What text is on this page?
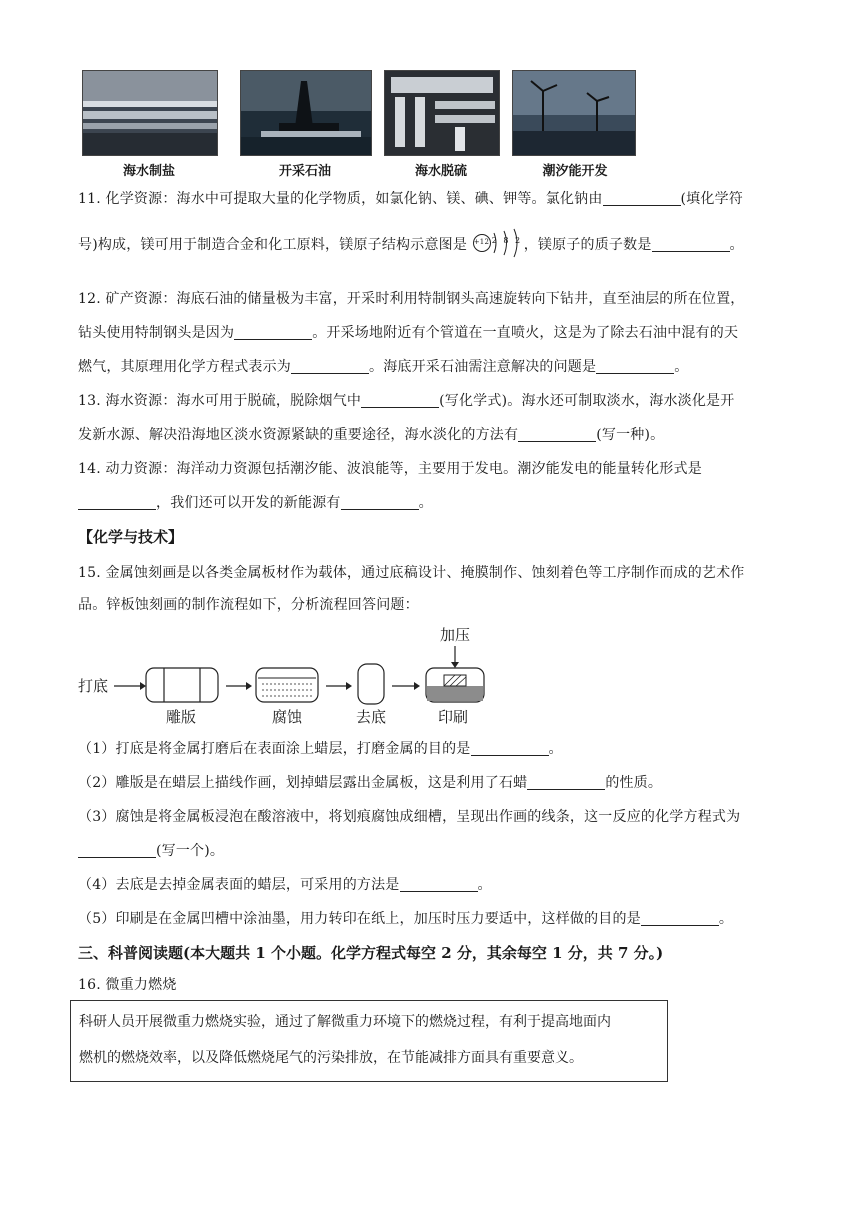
海水制盐	开采石油	海水脱硫	潮汐能开发
11. 化学资源：海水中可提取大量的化学物质，如氯化钠、镁、碘、钾等。氯化钠由	(填化学符
号)构成，镁可用于制造合金和化工原料，镁原子结构示意图是 +12 2 8 2 ，镁原子的质子数是	。
12. 矿产资源：海底石油的储量极为丰富，开采时利用特制钢头高速旋转向下钻井，直至油层的所在位置，
钻头使用特制钢头是因为	。开采场地附近有个管道在一直喷火，这是为了除去石油中混有的天
燃气，其原理用化学方程式表示为	。海底开采石油需注意解决的问题是	。
13. 海水资源：海水可用于脱硫，脱除烟气中	(写化学式)。海水还可制取淡水，海水淡化是开
发新水源、解决沿海地区淡水资源紧缺的重要途径，海水淡化的方法有	(写一种)。
14. 动力资源：海洋动力资源包括潮汐能、波浪能等，主要用于发电。潮汐能发电的能量转化形式是
，我们还可以开发的新能源有	。
【化学与技术】
15. 金属蚀刻画是以各类金属板材作为载体，通过底稿设计、掩膜制作、蚀刻着色等工序制作而成的艺术作
品。锌板蚀刻画的制作流程如下，分析流程回答问题：
打底
雕版	腐蚀	去底	印刷
加压
（1）打底是将金属打磨后在表面涂上蜡层，打磨金属的目的是	。
（2）雕版是在蜡层上描线作画，划掉蜡层露出金属板，这是利用了石蜡	的性质。
（3）腐蚀是将金属板浸泡在酸溶液中，将划痕腐蚀成细槽，呈现出作画的线条，这一反应的化学方程式为
(写一个)。
（4）去底是去掉金属表面的蜡层，可采用的方法是	。
（5）印刷是在金属凹槽中涂油墨，用力转印在纸上，加压时压力要适中，这样做的目的是	。
三、科普阅读题(本大题共 1 个小题。化学方程式每空 2 分，其余每空 1 分，共 7 分。)
16. 微重力燃烧
科研人员开展微重力燃烧实验，通过了解微重力环境下的燃烧过程，有利于提高地面内
燃机的燃烧效率，以及降低燃烧尾气的污染排放，在节能减排方面具有重要意义。
